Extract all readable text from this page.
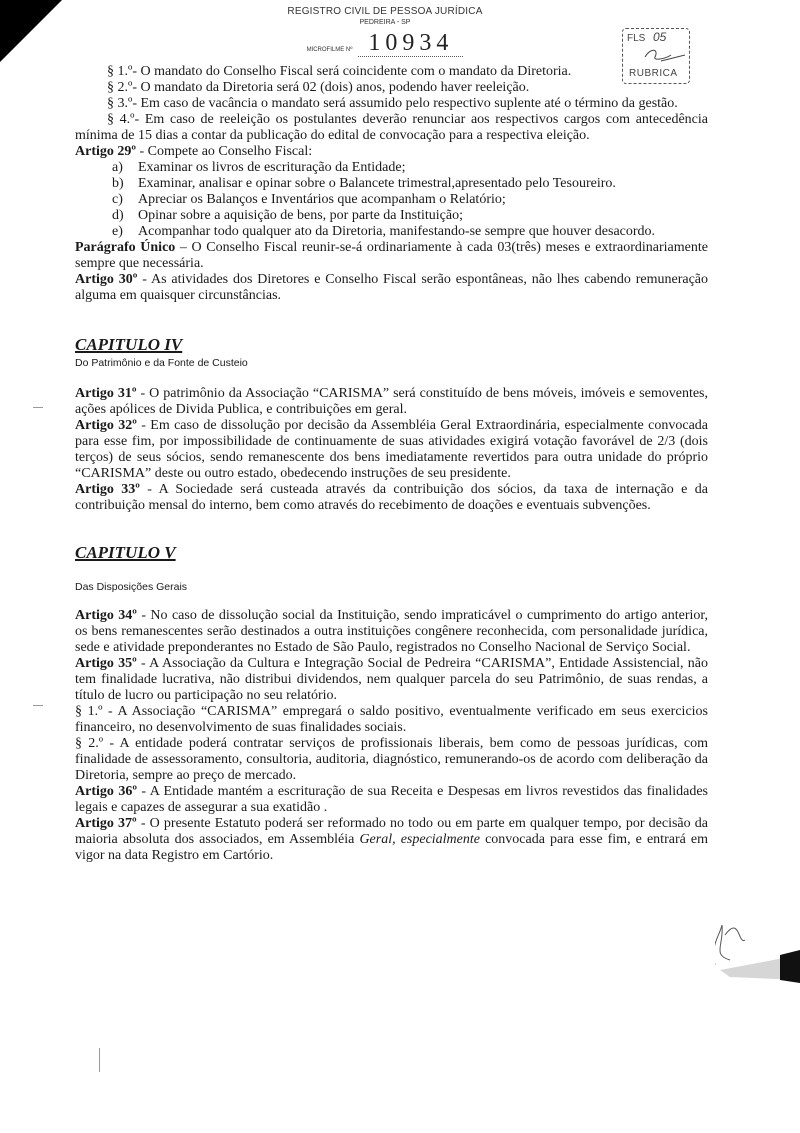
REGISTRO CIVIL DE PESSOA JURÍDICA
PEDREIRA - SP
MICROFILME Nº 10934	FLS 05
RUBRICA

§ 1.º- O mandato do Conselho Fiscal será coincidente com o mandato da Diretoria.

§ 2.º- O mandato da Diretoria será 02 (dois) anos, podendo haver reeleição.

§ 3.º- Em caso de vacância o mandato será assumido pelo respectivo suplente até o término da gestão.

§ 4.º- Em caso de reeleição os postulantes deverão renunciar aos respectivos cargos com antecedência mínima de 15 dias a contar da publicação do edital de convocação para a respectiva eleição.

Artigo 29º - Compete ao Conselho Fiscal:

a)	Examinar os livros de escrituração da Entidade;
b)	Examinar, analisar e opinar sobre o Balancete trimestral,apresentado pelo Tesoureiro.
c)	Apreciar os Balanços e Inventários que acompanham o Relatório;
d)	Opinar sobre a aquisição de bens, por parte da Instituição;
e)	Acompanhar todo qualquer ato da Diretoria, manifestando-se sempre que houver desacordo.

Parágrafo Único – O Conselho Fiscal reunir-se-á ordinariamente à cada 03(três) meses e extraordinariamente sempre que necessária.

Artigo 30º - As atividades dos Diretores e Conselho Fiscal serão espontâneas, não lhes cabendo remuneração alguma em quaisquer circunstâncias.

CAPITULO IV
Do Patrimônio e da Fonte de Custeio

Artigo 31º - O patrimônio da Associação “CARISMA” será constituído de bens móveis, imóveis e semoventes, ações apólices de Divida Publica, e contribuições em geral.

Artigo 32º - Em caso de dissolução por decisão da Assembléia Geral Extraordinária, especialmente convocada para esse fim, por impossibilidade de continuamente de suas atividades exigirá votação favorável de 2/3 (dois terços) de seus sócios, sendo remanescente dos bens imediatamente revertidos para outra unidade do próprio “CARISMA” deste ou outro estado, obedecendo instruções de seu presidente.

Artigo 33º - A Sociedade será custeada através da contribuição dos sócios, da taxa de internação e da contribuição mensal do interno, bem como através do recebimento de doações e eventuais subvenções.

CAPITULO V
Das Disposições Gerais

Artigo 34º - No caso de dissolução social da Instituição, sendo impraticável o cumprimento do artigo anterior, os bens remanescentes serão destinados a outra instituições congênere reconhecida, com personalidade jurídica, sede e atividade preponderantes no Estado de São Paulo, registrados no Conselho Nacional de Serviço Social.

Artigo 35º - A Associação da Cultura e Integração Social de Pedreira “CARISMA”, Entidade Assistencial, não tem finalidade lucrativa, não distribui dividendos, nem qualquer parcela do seu Patrimônio, de suas rendas, a título de lucro ou participação no seu relatório.

§ 1.º - A Associação “CARISMA” empregará o saldo positivo, eventualmente verificado em seus exercicios financeiro, no desenvolvimento de suas finalidades sociais.

§ 2.º - A entidade poderá contratar serviços de profissionais liberais, bem como de pessoas jurídicas, com finalidade de assessoramento, consultoria, auditoria, diagnóstico, remunerando-os de acordo com deliberação da Diretoria, sempre ao preço de mercado.

Artigo 36º - A Entidade mantém a escrituração de sua Receita e Despesas em livros revestidos das finalidades legais e capazes de assegurar a sua exatidão .

Artigo 37º - O presente Estatuto poderá ser reformado no todo ou em parte em qualquer tempo, por decisão da maioria absoluta dos associados, em Assembléia Geral, especialmente convocada para esse fim, e entrará em vigor na data Registro em Cartório.
